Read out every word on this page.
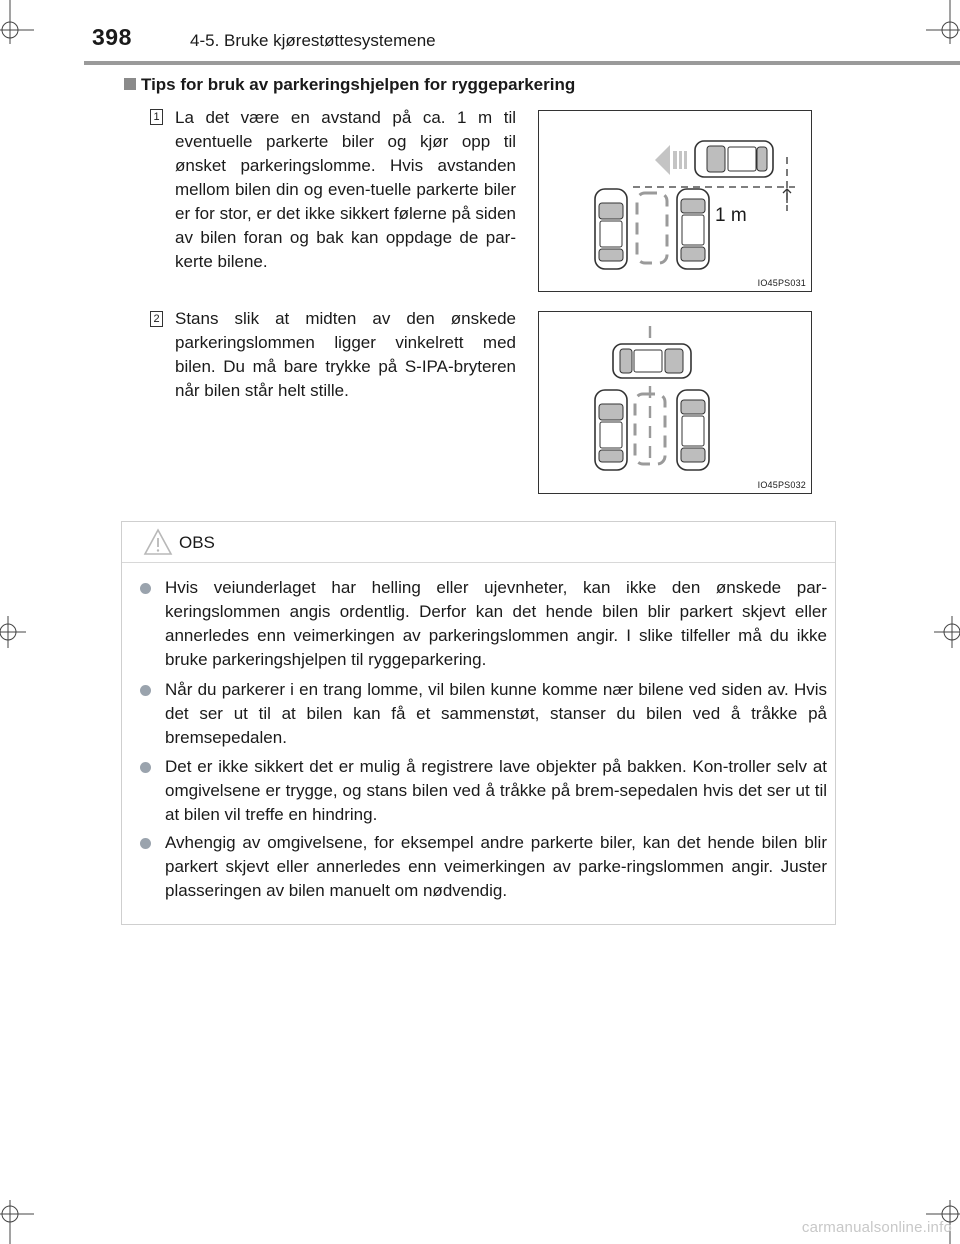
398	4-5. Bruke kjørestøttesystemene
Tips for bruk av parkeringshjelpen for ryggeparkering
1 La det være en avstand på ca. 1 m til eventuelle parkerte biler og kjør opp til ønsket parkeringslomme. Hvis avstanden mellom bilen din og even-tuelle parkerte biler er for stor, er det ikke sikkert følerne på siden av bilen foran og bak kan oppdage de par-kerte bilene.
1 m
IO45PS031
2 Stans slik at midten av den ønskede parkeringslommen ligger vinkelrett med bilen. Du må bare trykke på S-IPA-bryteren når bilen står helt stille.
IO45PS032
OBS
Hvis veiunderlaget har helling eller ujevnheter, kan ikke den ønskede par-keringslommen angis ordentlig. Derfor kan det hende bilen blir parkert skjevt eller annerledes enn veimerkingen av parkeringslommen angir. I slike tilfeller må du ikke bruke parkeringshjelpen til ryggeparkering.
Når du parkerer i en trang lomme, vil bilen kunne komme nær bilene ved siden av. Hvis det ser ut til at bilen kan få et sammenstøt, stanser du bilen ved å tråkke på bremsepedalen.
Det er ikke sikkert det er mulig å registrere lave objekter på bakken. Kon-troller selv at omgivelsene er trygge, og stans bilen ved å tråkke på brem-sepedalen hvis det ser ut til at bilen vil treffe en hindring.
Avhengig av omgivelsene, for eksempel andre parkerte biler, kan det hende bilen blir parkert skjevt eller annerledes enn veimerkingen av parke-ringslommen angir. Juster plasseringen av bilen manuelt om nødvendig.
carmanualsonline.info
